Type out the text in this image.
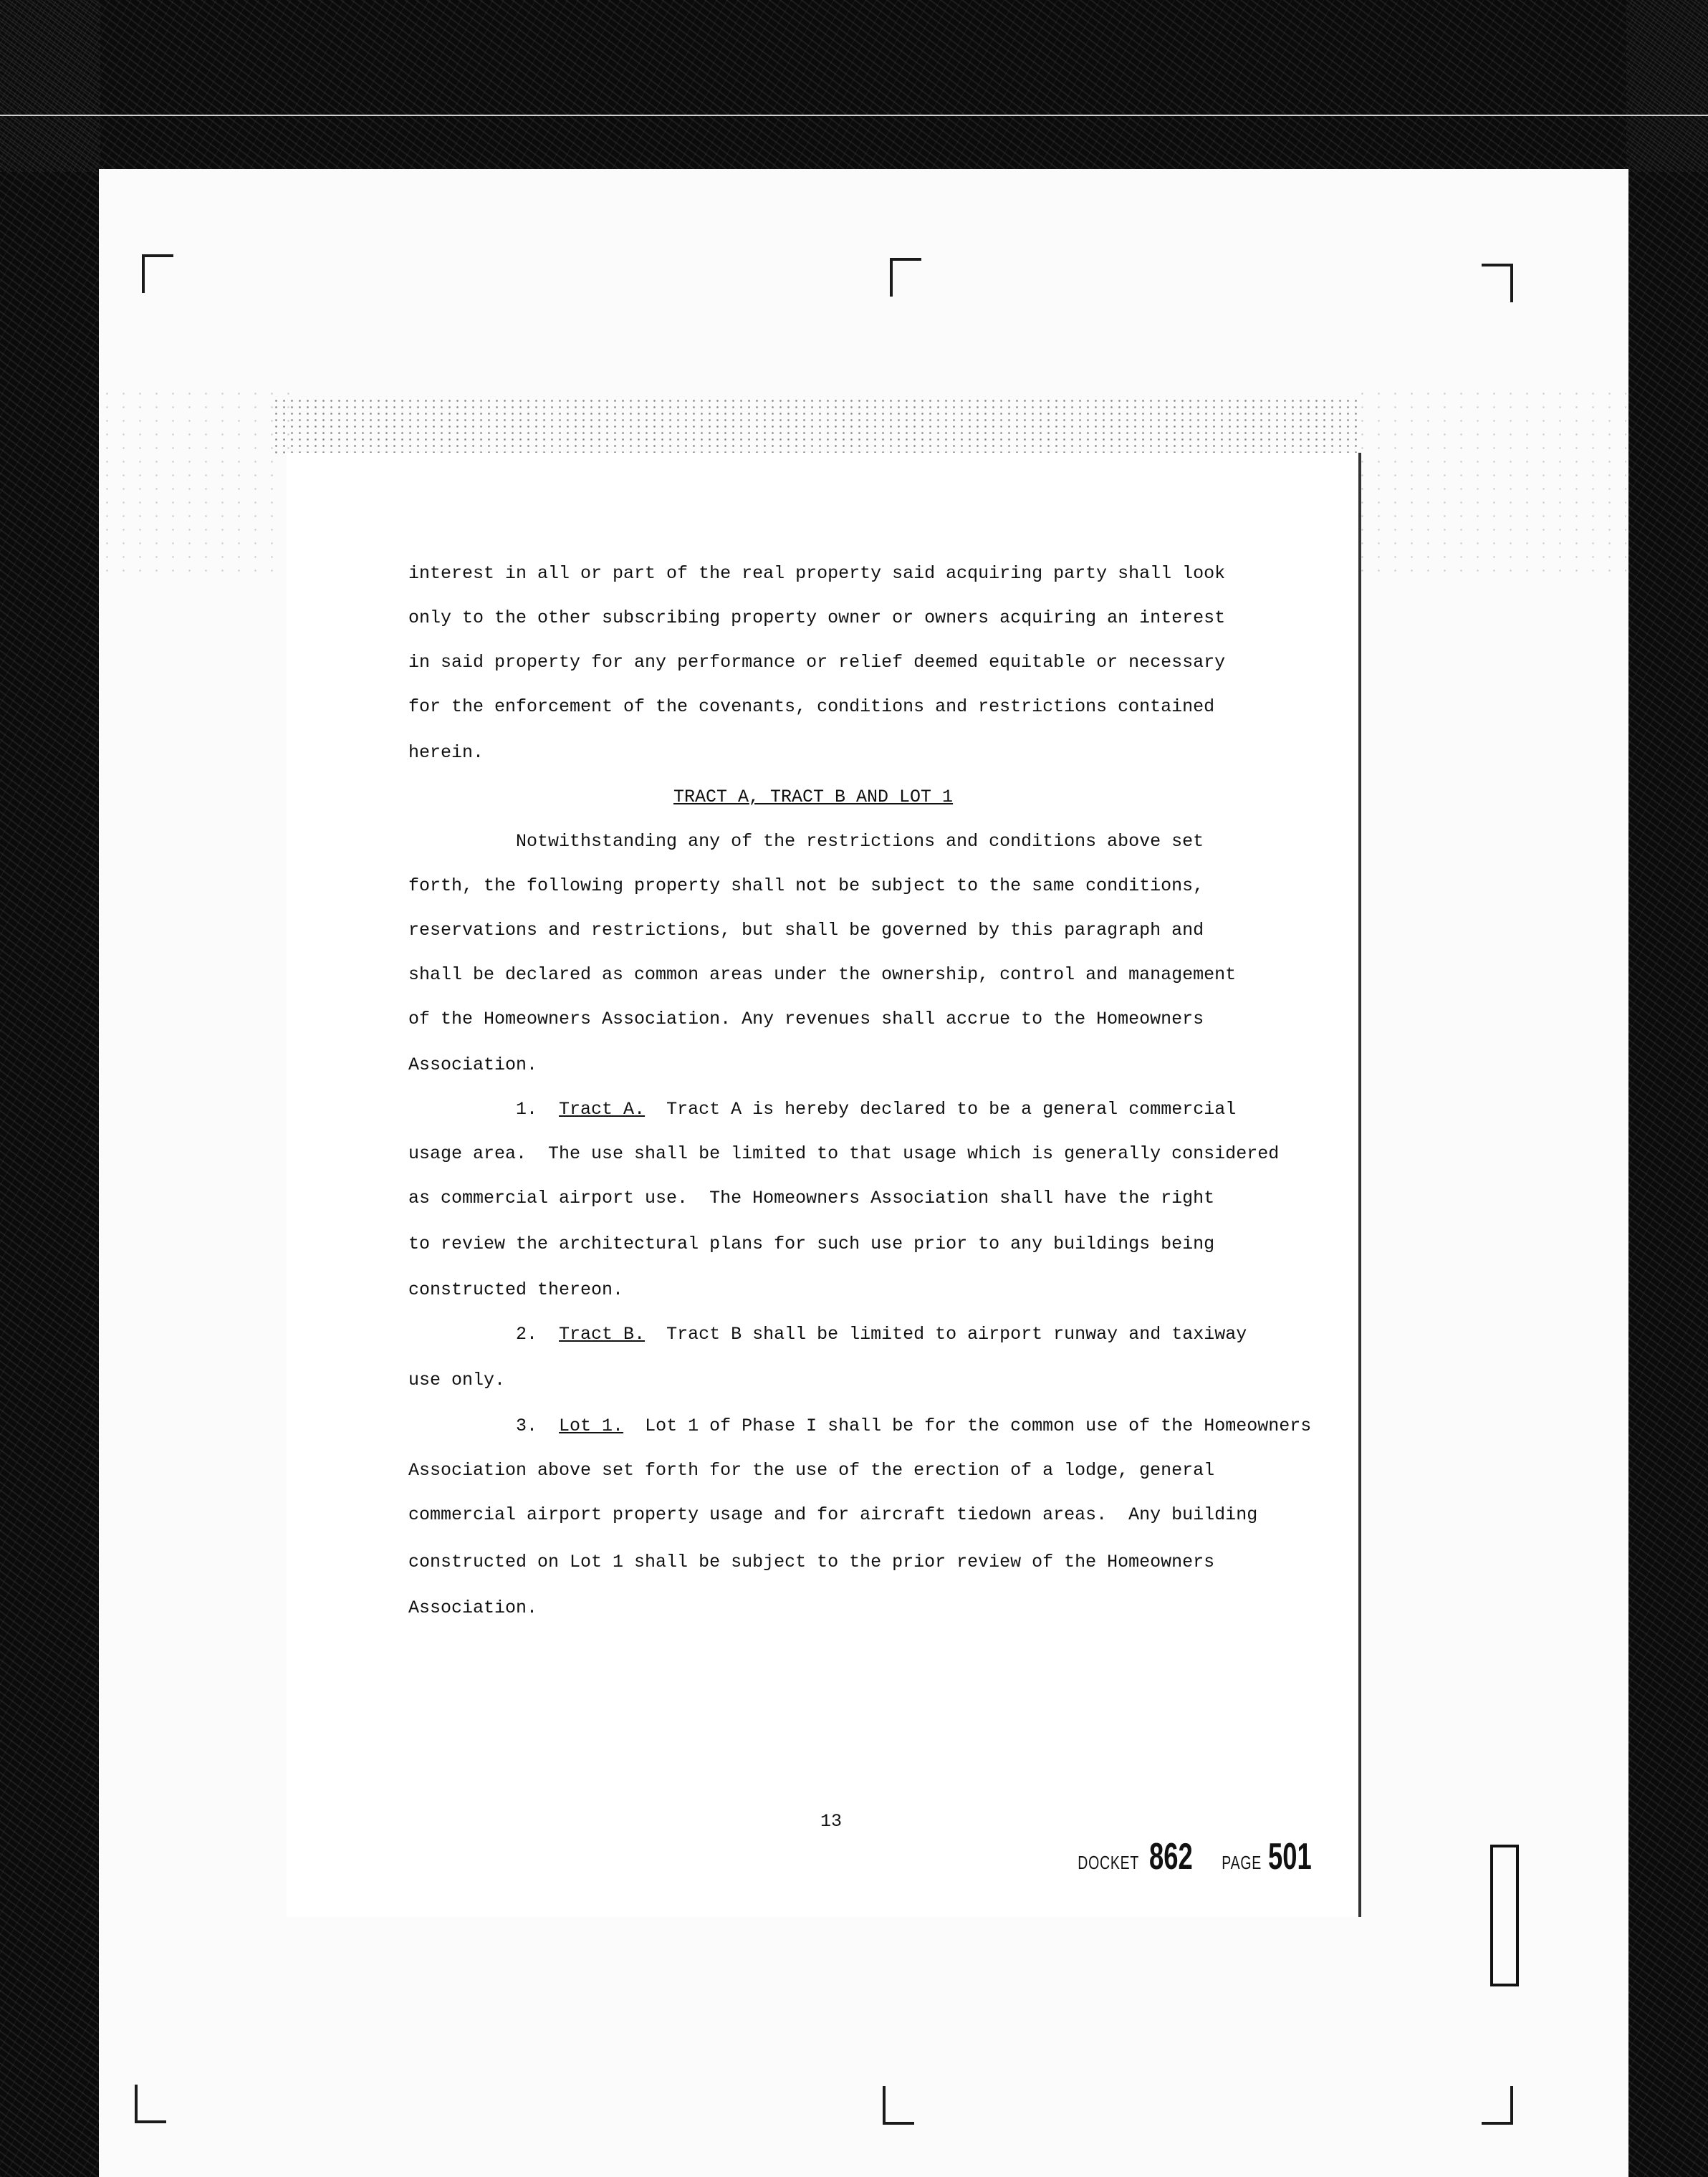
interest in all or part of the real property said acquiring party shall look
only to the other subscribing property owner or owners acquiring an interest
in said property for any performance or relief deemed equitable or necessary
for the enforcement of the covenants, conditions and restrictions contained
herein.
TRACT A, TRACT B AND LOT 1
Notwithstanding any of the restrictions and conditions above set
forth, the following property shall not be subject to the same conditions,
reservations and restrictions, but shall be governed by this paragraph and
shall be declared as common areas under the ownership, control and management
of the Homeowners Association. Any revenues shall accrue to the Homeowners
Association.
1.  Tract A.  Tract A is hereby declared to be a general commercial
usage area.  The use shall be limited to that usage which is generally considered
as commercial airport use.  The Homeowners Association shall have the right
to review the architectural plans for such use prior to any buildings being
constructed thereon.
2.  Tract B.  Tract B shall be limited to airport runway and taxiway
use only.
3.  Lot 1.  Lot 1 of Phase I shall be for the common use of the Homeowners
Association above set forth for the use of the erection of a lodge, general
commercial airport property usage and for aircraft tiedown areas.  Any building
constructed on Lot 1 shall be subject to the prior review of the Homeowners
Association.
13
DOCKET 862 PAGE 501
